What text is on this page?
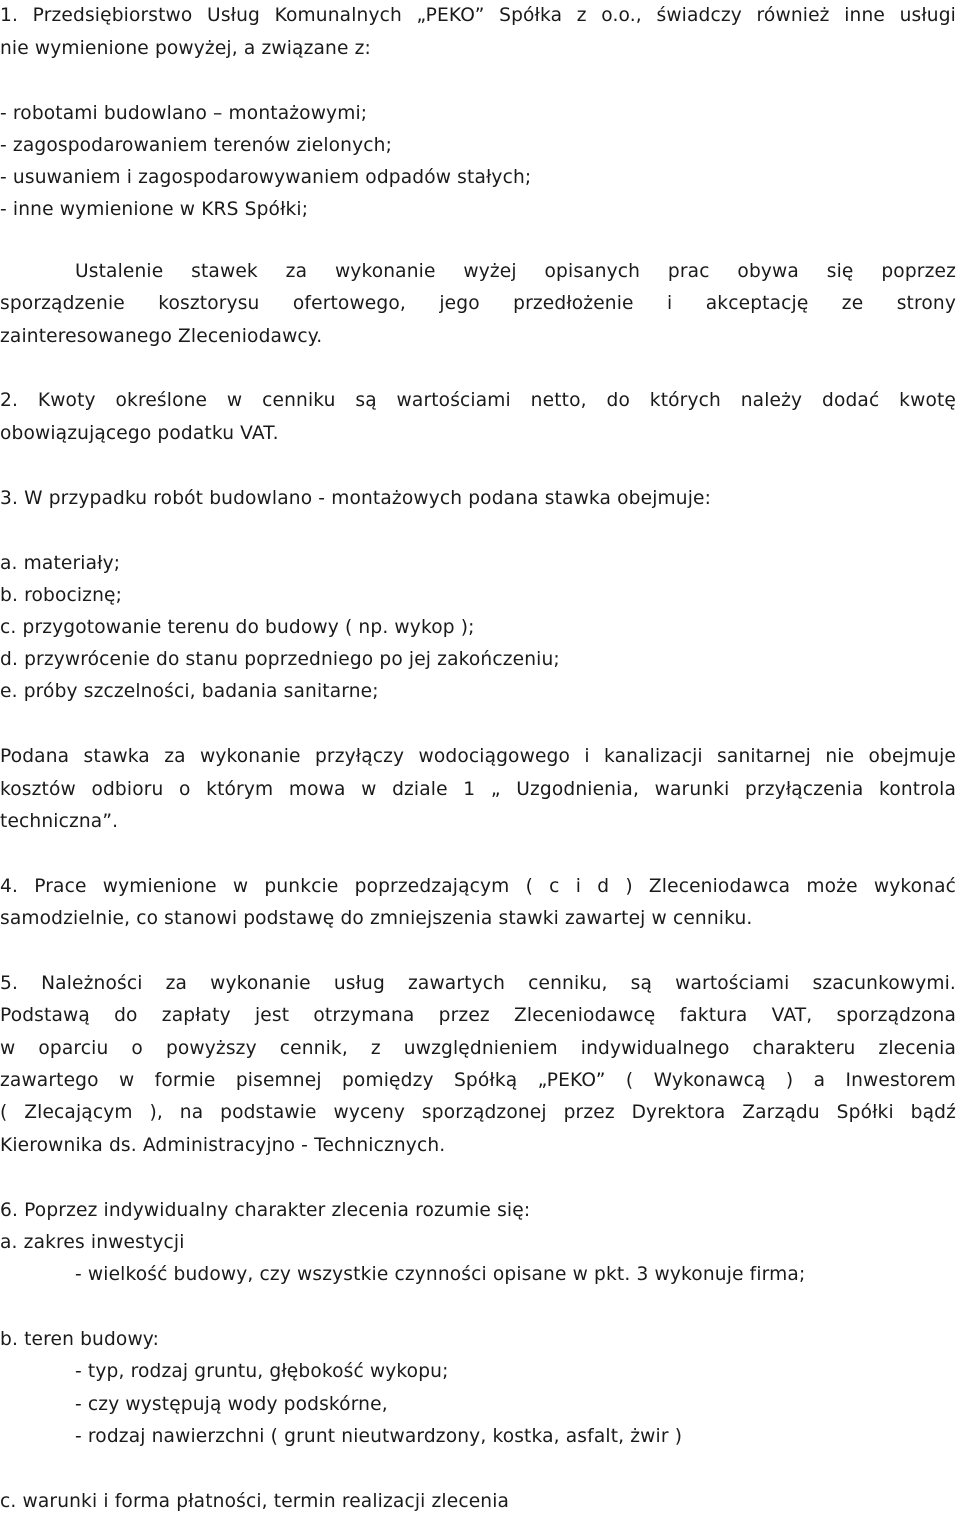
1. Przedsiębiorstwo Usług Komunalnych „PEKO” Spółka z o.o., świadczy również inne usługi
nie wymienione powyżej, a związane z:
- robotami budowlano – montażowymi;
- zagospodarowaniem terenów zielonych;
- usuwaniem i zagospodarowywaniem odpadów stałych;
- inne wymienione w KRS Spółki;
Ustalenie stawek za wykonanie wyżej opisanych prac obywa się poprzez
sporządzenie kosztorysu ofertowego, jego przedłożenie i akceptację ze strony
zainteresowanego Zleceniodawcy.
2. Kwoty określone w cenniku są wartościami netto, do których należy dodać kwotę
obowiązującego podatku VAT.
3. W przypadku robót budowlano - montażowych podana stawka obejmuje:
a. materiały;
b. robociznę;
c. przygotowanie terenu do budowy ( np. wykop );
d. przywrócenie do stanu poprzedniego po jej zakończeniu;
e. próby szczelności, badania sanitarne;
Podana stawka za wykonanie przyłączy wodociągowego i kanalizacji sanitarnej nie obejmuje
kosztów odbioru o którym mowa w dziale 1 „ Uzgodnienia, warunki przyłączenia kontrola
techniczna”.
4. Prace wymienione w punkcie poprzedzającym ( c i d ) Zleceniodawca może wykonać
samodzielnie, co stanowi podstawę do zmniejszenia stawki zawartej w cenniku.
5. Należności za wykonanie usług zawartych cenniku, są wartościami szacunkowymi.
Podstawą do zapłaty jest otrzymana przez Zleceniodawcę faktura VAT, sporządzona
w oparciu o powyższy cennik, z uwzględnieniem indywidualnego charakteru zlecenia
zawartego w formie pisemnej pomiędzy Spółką „PEKO” ( Wykonawcą ) a Inwestorem
( Zlecającym ), na podstawie wyceny sporządzonej przez Dyrektora Zarządu Spółki bądź
Kierownika ds. Administracyjno - Technicznych.
6. Poprzez indywidualny charakter zlecenia rozumie się:
a. zakres inwestycji
- wielkość budowy, czy wszystkie czynności opisane w pkt. 3 wykonuje firma;
b. teren budowy:
- typ, rodzaj gruntu, głębokość wykopu;
- czy występują wody podskórne,
- rodzaj nawierzchni ( grunt nieutwardzony, kostka, asfalt, żwir )
c. warunki i forma płatności, termin realizacji zlecenia
